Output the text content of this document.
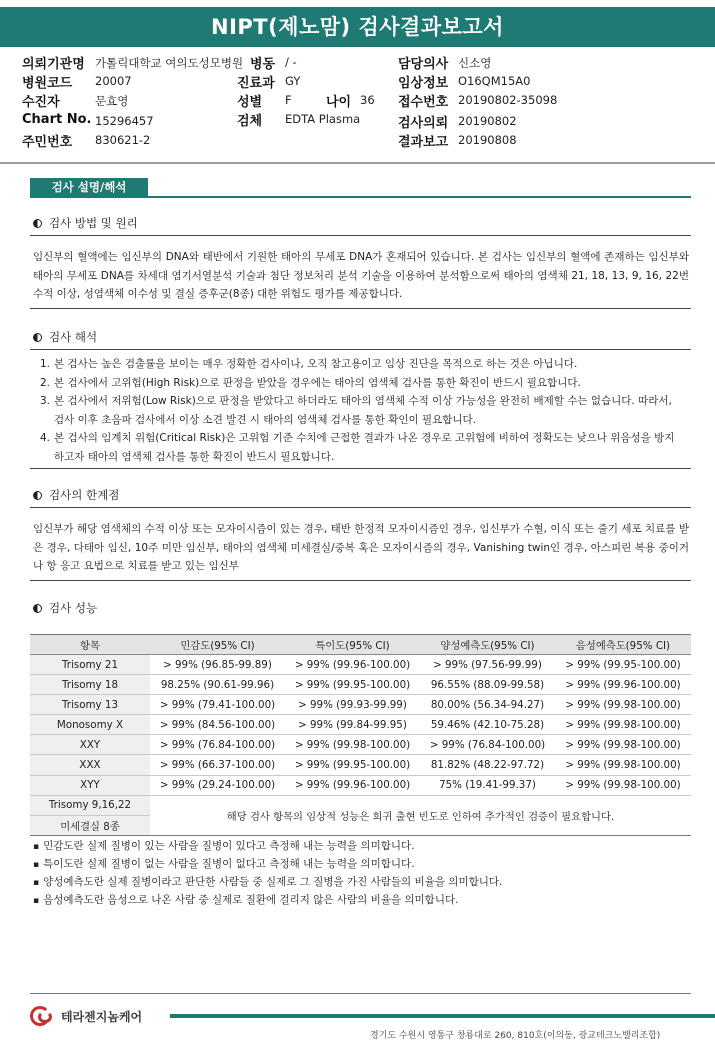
NIPT(제노맘) 검사결과보고서
의뢰기관명 가톨릭대학교 여의도성모병원 병동 / -	담당의사 신소영
병원코드 20007	진료과 GY	임상정보 O16QM15A0
수진자	문효영	성별 F	나이 36 접수번호 20190802-35098
Chart No. 15296457	검체 EDTA Plasma	검사의뢰 20190802
주민번호 830621-2	결과보고 20190808
검사 설명/해석
검사 방법 및 원리
임신부의 혈액에는 임신부의 DNA와 태반에서 기원한 태아의 무세포 DNA가 혼재되어 있습니다. 본 검사는 임신부의 혈액에 존재하는 임신부와 태아의 무세포 DNA를 차세대 염기서열분석 기술과 첨단 정보처리 분석 기술을 이용하여 분석함으로써 태아의 염색체 21, 18, 13, 9, 16, 22번 수적 이상, 성염색체 이수성 및 결실 증후군(8종) 대한 위험도 평가를 제공합니다.
검사 해석
1. 본 검사는 높은 검출률을 보이는 매우 정확한 검사이나, 오직 참고용이고 임상 진단을 목적으로 하는 것은 아닙니다.
2. 본 검사에서 고위험(High Risk)으로 판정을 받았을 경우에는 태아의 염색체 검사를 통한 확진이 반드시 필요합니다.
3. 본 검사에서 저위험(Low Risk)으로 판정을 받았다고 하더라도 태아의 염색체 수적 이상 가능성을 완전히 배제할 수는 없습니다. 따라서, 검사 이후 초음파 검사에서 이상 소견 발견 시 태아의 염색체 검사를 통한 확인이 필요합니다.
4. 본 검사의 임계치 위험(Critical Risk)은 고위험 기준 수치에 근접한 결과가 나온 경우로 고위험에 비하여 정확도는 낮으나 위음성을 방지하고자 태아의 염색체 검사를 통한 확진이 반드시 필요합니다.
검사의 한계점
임신부가 해당 염색체의 수적 이상 또는 모자이시즘이 있는 경우, 태반 한정적 모자이시즘인 경우, 임신부가 수혈, 이식 또는 줄기 세포 치료를 받은 경우, 다태아 임신, 10주 미만 임신부, 태아의 염색체 미세결실/중복 혹은 모자이시즘의 경우, Vanishing twin인 경우, 아스피린 복용 중이거나 항 응고 요법으로 치료를 받고 있는 임신부
검사 성능
항목	민감도(95% CI)	특이도(95% CI)	양성예측도(95% CI)	음성예측도(95% CI)
Trisomy 21	> 99% (96.85-99.89)	> 99% (99.96-100.00)	> 99% (97.56-99.99)	> 99% (99.95-100.00)
Trisomy 18	98.25% (90.61-99.96)	> 99% (99.95-100.00)	96.55% (88.09-99.58)	> 99% (99.96-100.00)
Trisomy 13	> 99% (79.41-100.00)	> 99% (99.93-99.99)	80.00% (56.34-94.27)	> 99% (99.98-100.00)
Monosomy X	> 99% (84.56-100.00)	> 99% (99.84-99.95)	59.46% (42.10-75.28)	> 99% (99.98-100.00)
XXY	> 99% (76.84-100.00)	> 99% (99.98-100.00)	> 99% (76.84-100.00)	> 99% (99.98-100.00)
XXX	> 99% (66.37-100.00)	> 99% (99.95-100.00)	81.82% (48.22-97.72)	> 99% (99.98-100.00)
XYY	> 99% (29.24-100.00)	> 99% (99.96-100.00)	75% (19.41-99.37)	> 99% (99.98-100.00)
Trisomy 9,16,22	해당 검사 항목의 임상적 성능은 희귀 출현 빈도로 인하여 추가적인 검증이 필요합니다.			
미세결실 8종				
▪ 민감도란 실제 질병이 있는 사람을 질병이 있다고 측정해 내는 능력을 의미합니다.
▪ 특이도란 실제 질병이 없는 사람을 질병이 없다고 측정해 내는 능력을 의미합니다.
▪ 양성예측도란 실제 질병이라고 판단한 사람들 중 실제로 그 질병을 가진 사람들의 비율을 의미합니다.
▪ 음성예측도란 음성으로 나온 사람 중 실제로 질환에 걸리지 않은 사람의 비율을 의미합니다.
테라젠지놈케어
경기도 수원시 영통구 창룡대로 260, 810호(이의동, 광교테크노밸리조합)
